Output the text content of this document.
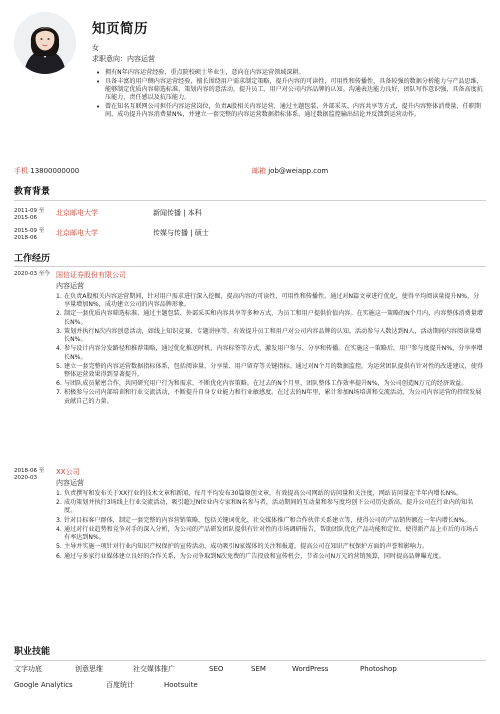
知页简历
女
求职意向：内容运营
• 拥有N年内容运营经验，重点院校硕士毕业生，意向在内容运营领域深耕。
• 具备丰富的用户侧内容运营经验，擅长围绕用户需求制定策略，提升内容的可读性、可用性和传播性，具备较强的数据分析能力与产品思维，能够制定优质内容筛选标准，策划内容的意活动，提升员工、用户对公司内容品牌的认知。沟通表达能力良好，团队写作意识强，具备高度抗压能力，责任感以及抗压能力。
• 曾在知名互联网公司担任内容运营岗位，负责A股相关内容运营，通过主题包装、外部采买、内容共享等方式，提升内容整体消费量，任职期间，成功提升内容消费量N%，并建立一套完整的内容运营数据指标体系，通过数据监控输出结论并反馈到运营动作。
手机 13800000000	邮箱 job@weiapp.com
教育背景
2011-09 至
2015-06
北京邮电大学	新闻传播 | 本科
2015-09 至
2018-06
北京邮电大学	传媒与传播 | 硕士
工作经历
2020-03 至今 国信证券股份有限公司
内容运营
1. 在负责A股相关内容运营期间，针对用户需求进行深入挖掘，提高内容的可读性、可用性和传播性。通过对N篇文章进行优化，使得平均阅读量提升N%，分享量增加N%，成功建立公司的内容品牌形象。
2. 制定一套优质内容筛选标准，通过主题包装、外部采买和内容共享等多种方式，为员工和用户提供价值内容。在实施这一策略的N个月内，内容整体消费量增长N%。
3. 策划并执行N次内容创意活动，如线上知识竞赛、专题讲座等，有效提升员工和用户对公司内容品牌的认知。活动参与人数达到N人，活动期间内容阅读量增长N%。
4. 参与设计内容分发路径和推荐策略，通过优化推送时机、内容标签等方式，激发用户参与、分享和传播。在实施这一策略后，用户参与度提升N%，分享率增长N%。
5. 建立一套完整的内容运营数据指标体系，包括阅读量、分享量、用户留存等关键指标。通过对N个月的数据监控，为运营团队提供有针对性的改进建议，使得整体运营效果得到显著提升。
6. 与团队成员紧密合作，共同研究用户行为和需求，不断优化内容策略。在过去的N个月里，团队整体工作效率提升N%，为公司创造N万元的经济效益。
7. 积极参与公司内部培训和行业交流活动，不断提升自身专业能力和行业敏感度。在过去的N年里，累计参加N场培训和交流活动，为公司内容运营的持续发展贡献自己的力量。
2018-06 至
2020-03
XX公司
内容运营
1. 负责撰写和发布关于XX行业的技术文章和新闻，每月平均发布30篇原创文章，有效提高公司网站的访问量和关注度，网站访问量在半年内增长N%。
2. 成功策划并执行3场线上行业交流活动，吸引超过N位业内专家和N名参与者，活动期间的互动量和参与度均创下公司历史新高，提升公司在行业内的知名度。
3. 针对目标客户群体，制定一套完整的内容营销策略，包括关键词优化、社交媒体推广和合作伙伴关系建立等，使得公司的产品销售额在一年内增长N%。
4. 通过对行业趋势和竞争对手的深入分析，为公司的产品研发团队提供有针对性的市场调研报告，帮助团队优化产品功能和定位，使得新产品上市后的市场占有率达到N%。
5. 主导并实施一项针对行业内知识产权保护的宣传活动，成功吸引N家媒体的关注和报道，提高公司在知识产权保护方面的声誉和影响力。
6. 通过与多家行业媒体建立良好的合作关系，为公司争取到N次免费的广告投放和宣传机会，节省公司N万元的营销预算，同时提高品牌曝光度。
职业技能
文字功底	创意思维	社交媒体推广	SEO	SEM	WordPress	Photoshop
Google Analytics	百度统计	Hootsuite
